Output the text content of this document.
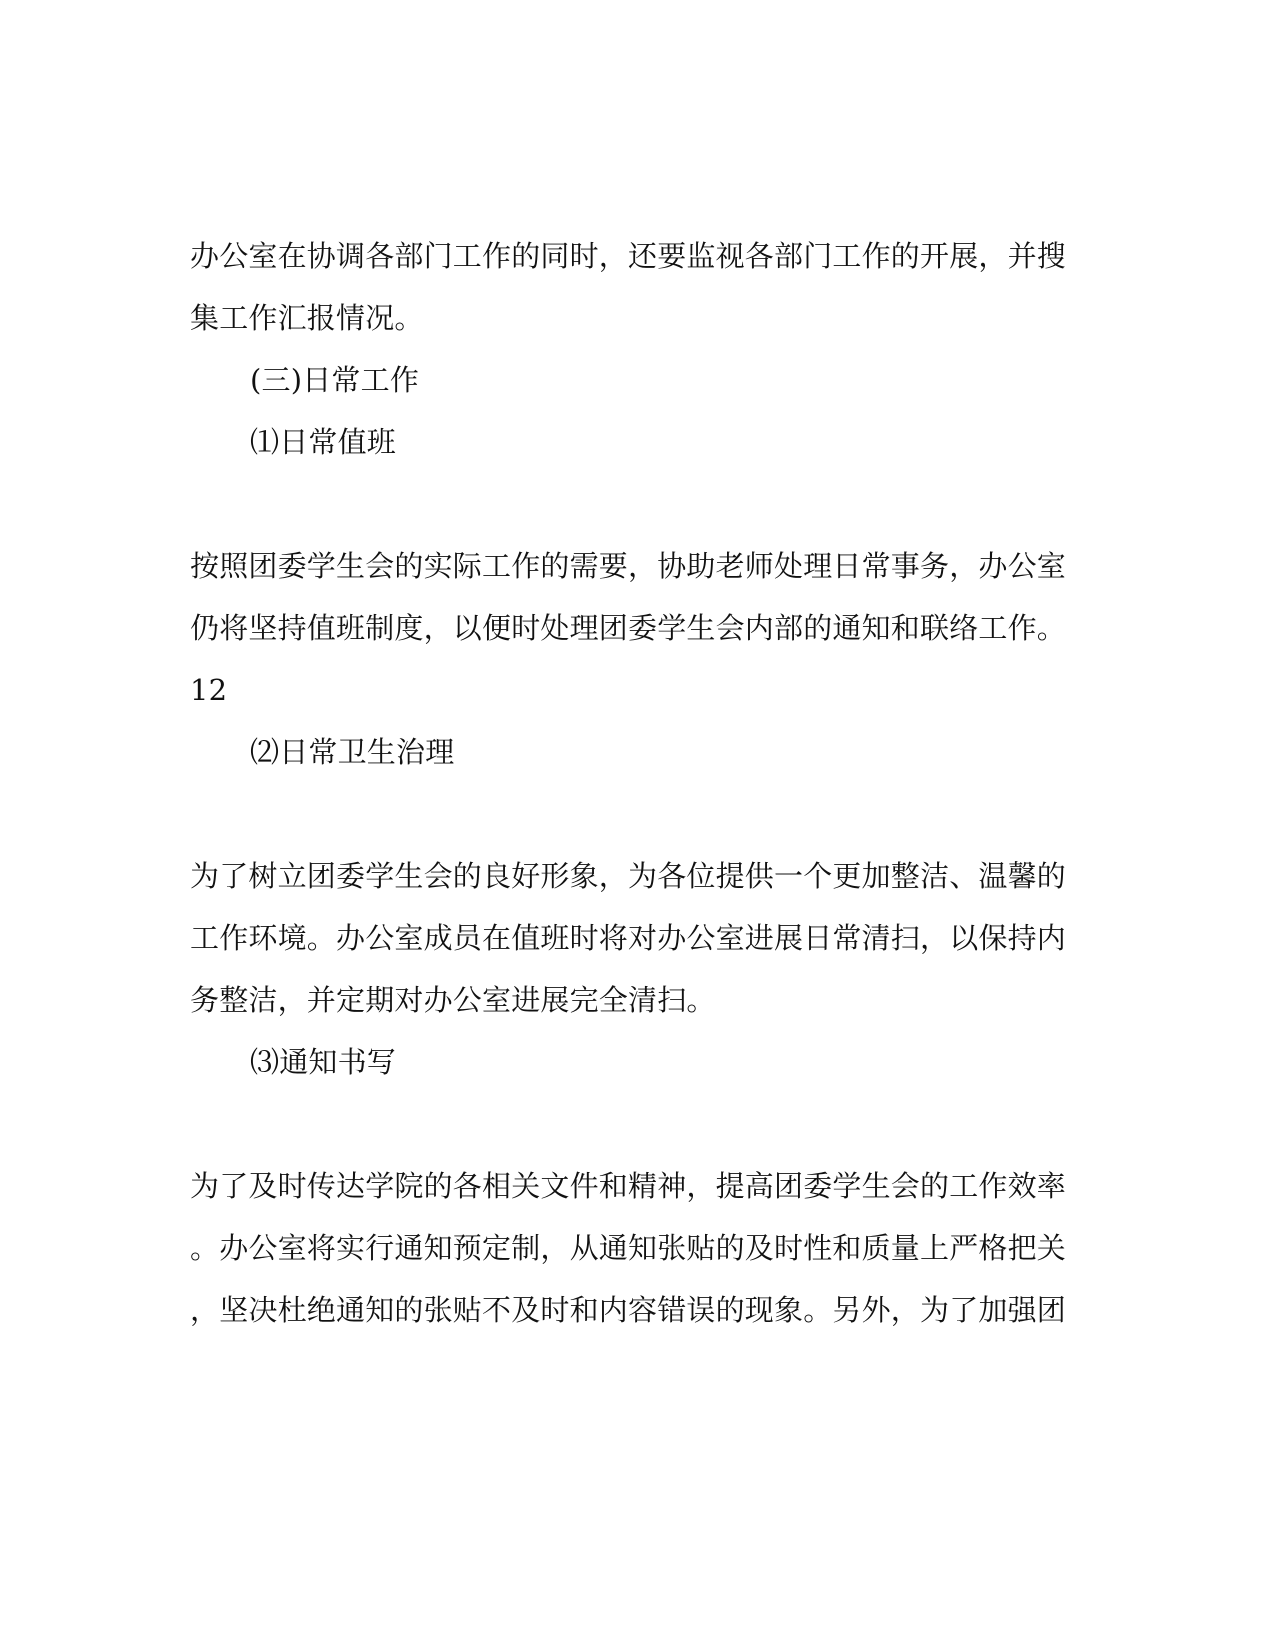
办公室在协调各部门工作的同时，还要监视各部门工作的开展，并搜
集工作汇报情况。
(三)日常工作
⑴日常值班
按照团委学生会的实际工作的需要，协助老师处理日常事务，办公室
仍将坚持值班制度，以便时处理团委学生会内部的通知和联络工作。
12
⑵日常卫生治理
为了树立团委学生会的良好形象，为各位提供一个更加整洁、温馨的
工作环境。办公室成员在值班时将对办公室进展日常清扫，以保持内
务整洁，并定期对办公室进展完全清扫。
⑶通知书写
为了及时传达学院的各相关文件和精神，提高团委学生会的工作效率
。办公室将实行通知预定制，从通知张贴的及时性和质量上严格把关
，坚决杜绝通知的张贴不及时和内容错误的现象。另外，为了加强团
